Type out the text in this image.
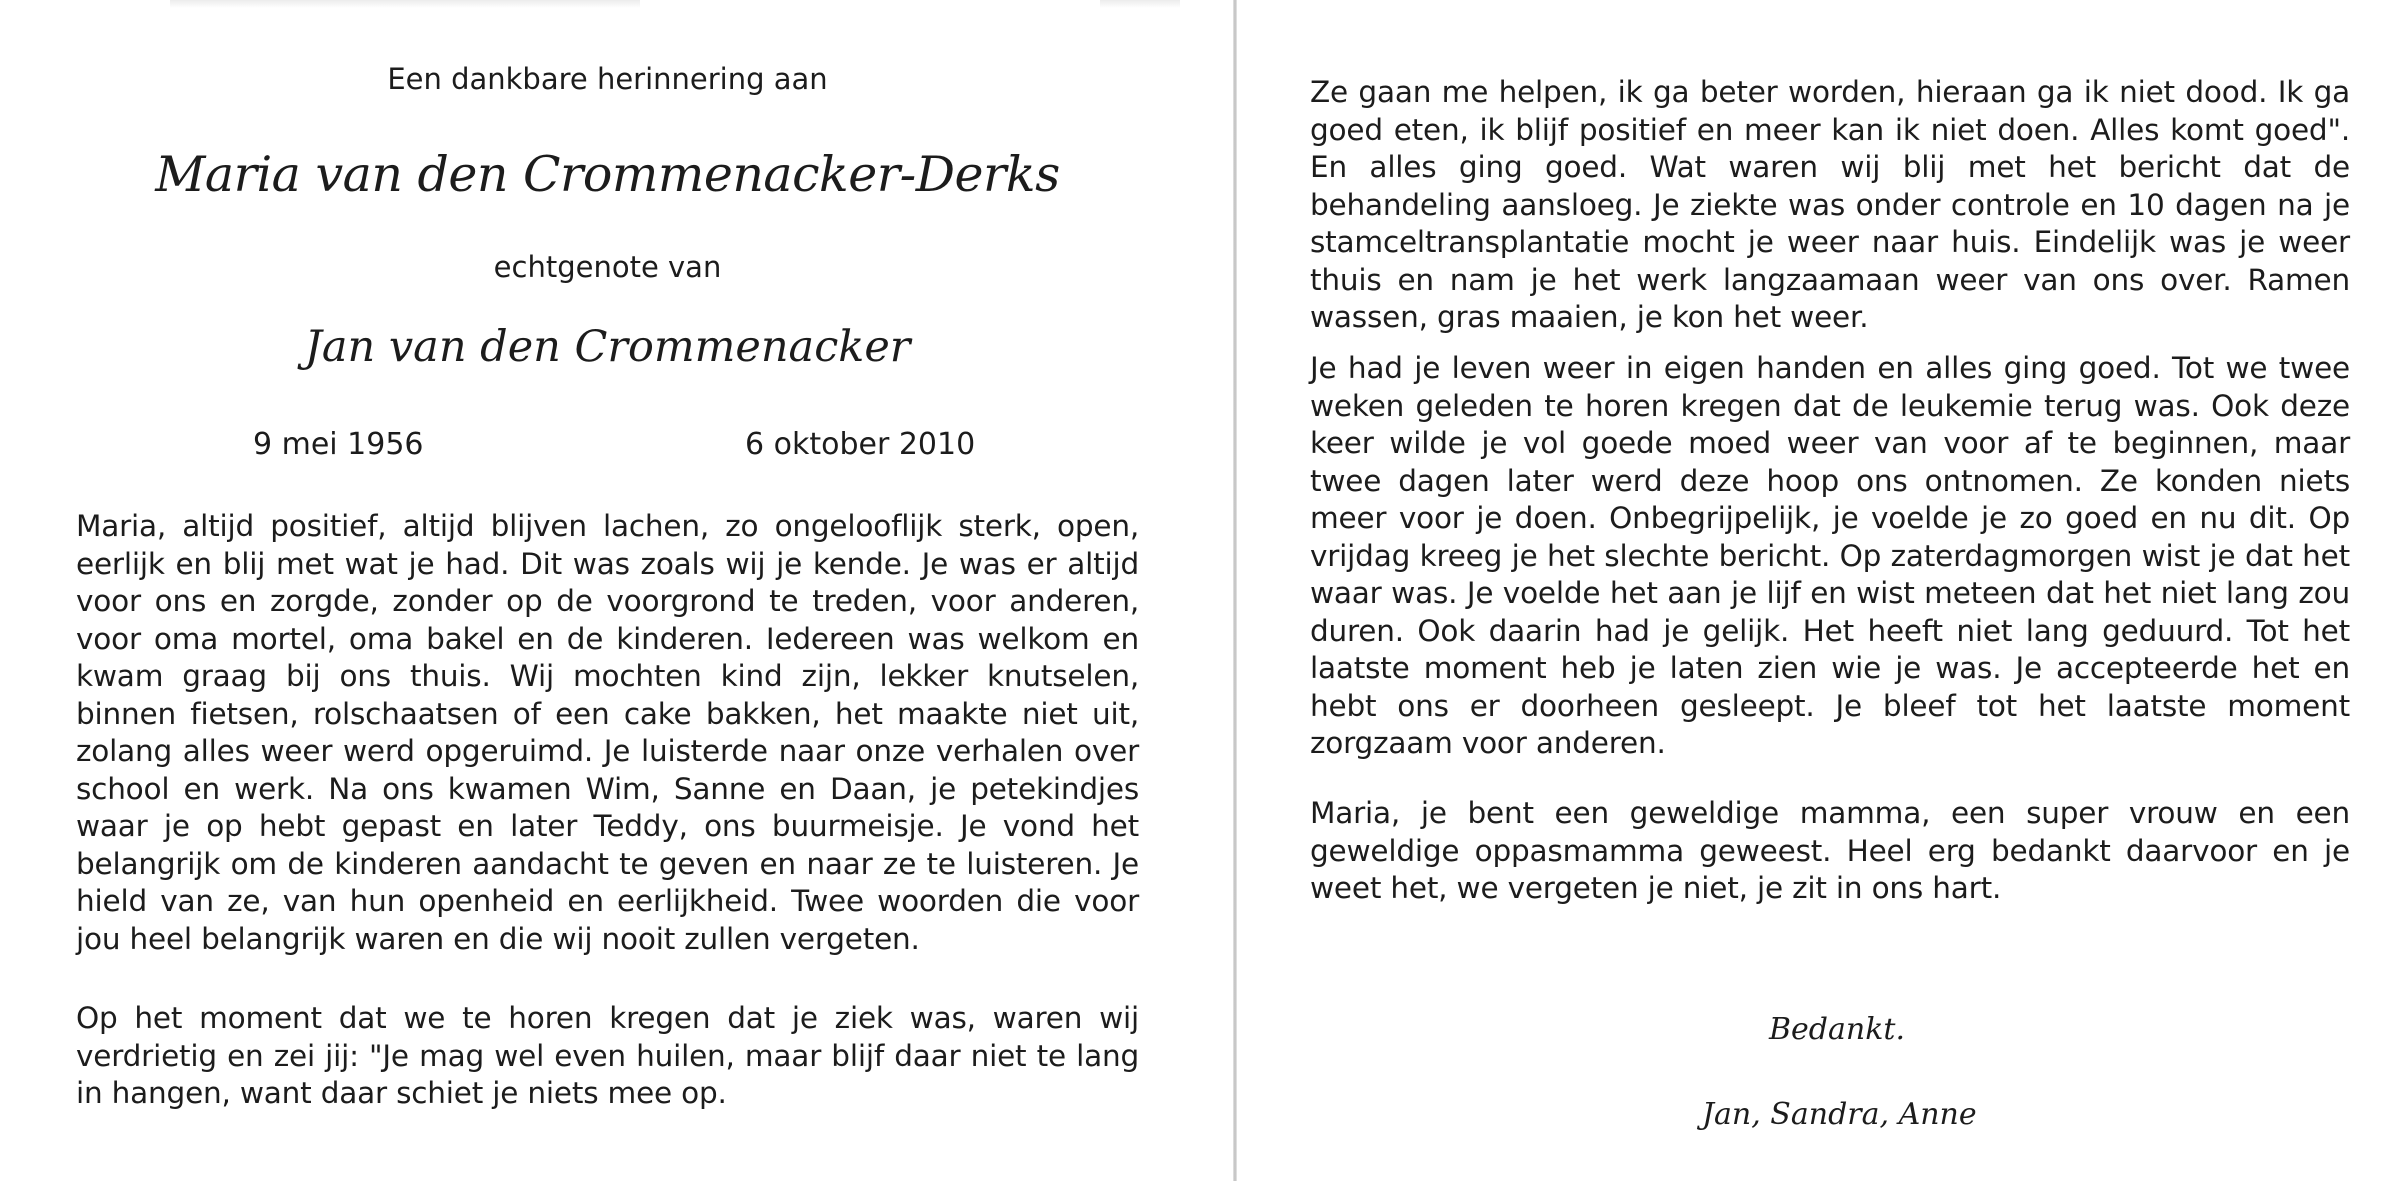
Een dankbare herinnering aan
Maria van den Crommenacker-Derks
echtgenote van
Jan van den Crommenacker
9 mei 1956	6 oktober 2010

Maria, altijd positief, altijd blijven lachen, zo ongelooflijk sterk, open, eerlijk en blij met wat je had. Dit was zoals wij je kende. Je was er altijd voor ons en zorgde, zonder op de voorgrond te treden, voor anderen, voor oma mortel, oma bakel en de kinderen. Iedereen was welkom en kwam graag bij ons thuis. Wij mochten kind zijn, lekker knutselen, binnen fietsen, rolschaatsen of een cake bakken, het maakte niet uit, zolang alles weer werd opgeruimd. Je luisterde naar onze verhalen over school en werk. Na ons kwamen Wim, Sanne en Daan, je petekindjes waar je op hebt gepast en later Teddy, ons buurmeisje. Je vond het belangrijk om de kinderen aandacht te geven en naar ze te luisteren. Je hield van ze, van hun openheid en eerlijkheid. Twee woorden die voor jou heel belangrijk waren en die wij nooit zullen vergeten.

Op het moment dat we te horen kregen dat je ziek was, waren wij verdrietig en zei jij: "Je mag wel even huilen, maar blijf daar niet te lang in hangen, want daar schiet je niets mee op.

Ze gaan me helpen, ik ga beter worden, hieraan ga ik niet dood. Ik ga goed eten, ik blijf positief en meer kan ik niet doen. Alles komt goed". En alles ging goed. Wat waren wij blij met het bericht dat de behandeling aansloeg. Je ziekte was onder controle en 10 dagen na je stamceltransplantatie mocht je weer naar huis. Eindelijk was je weer thuis en nam je het werk langzaamaan weer van ons over. Ramen wassen, gras maaien, je kon het weer.

Je had je leven weer in eigen handen en alles ging goed. Tot we twee weken geleden te horen kregen dat de leukemie terug was. Ook deze keer wilde je vol goede moed weer van voor af te beginnen, maar twee dagen later werd deze hoop ons ontnomen. Ze konden niets meer voor je doen. Onbegrijpelijk, je voelde je zo goed en nu dit. Op vrijdag kreeg je het slechte bericht. Op zaterdagmorgen wist je dat het waar was. Je voelde het aan je lijf en wist meteen dat het niet lang zou duren. Ook daarin had je gelijk. Het heeft niet lang geduurd. Tot het laatste moment heb je laten zien wie je was. Je accepteerde het en hebt ons er doorheen gesleept. Je bleef tot het laatste moment zorgzaam voor anderen.

Maria, je bent een geweldige mamma, een super vrouw en een geweldige oppasmamma geweest. Heel erg bedankt daarvoor en je weet het, we vergeten je niet, je zit in ons hart.

Bedankt.
Jan, Sandra, Anne
